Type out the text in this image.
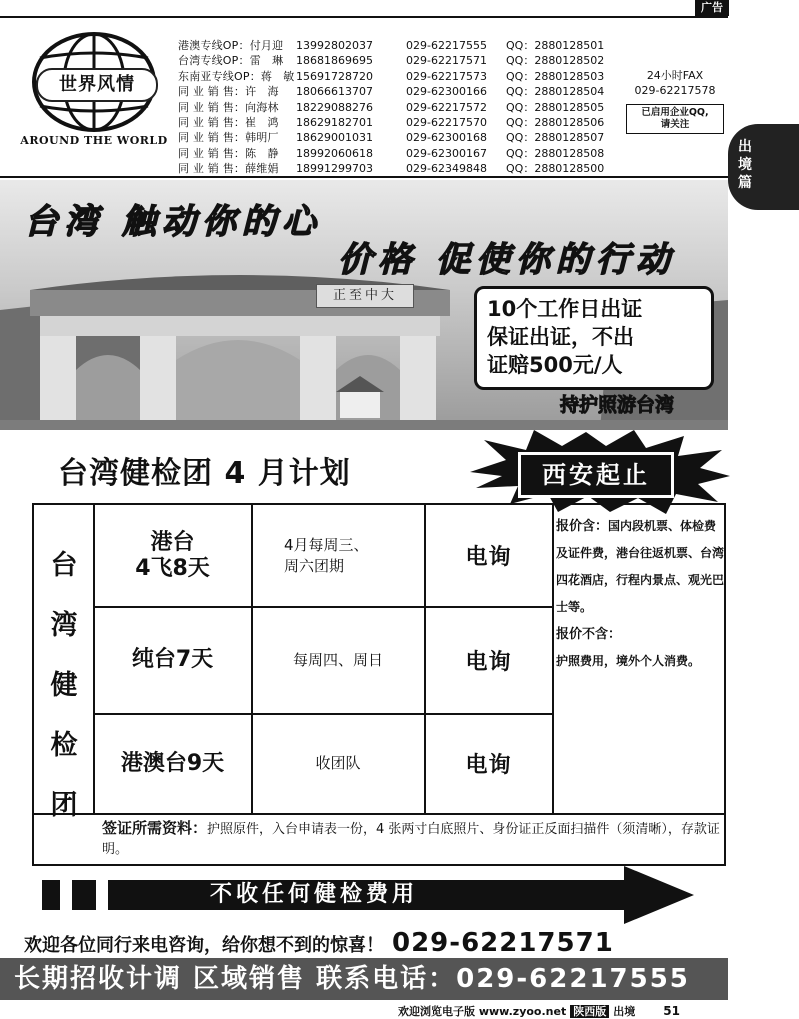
广告
世界风情
AROUND THE WORLD
港澳专线OP：付月迎	13992802037	029-62217555	QQ：2880128501
台湾专线OP：雷　琳	18681869695	029-62217571	QQ：2880128502
东南亚专线OP：蒋　敏 15691728720	029-62217573	QQ：2880128503
同 业 销 售：许　海	18066613707	029-62300166	QQ：2880128504
同 业 销 售：向海林	18229088276	029-62217572	QQ：2880128505
同 业 销 售：崔　鸿	18629182701	029-62217570	QQ：2880128506
同 业 销 售：韩明厂	18629001031	029-62300168	QQ：2880128507
同 业 销 售：陈　静	18992060618	029-62300167	QQ：2880128508
同 业 销 售：薛维娟	18991299703	029-62349848	QQ：2880128500
24小时FAX
029-62217578
已启用企业QQ,
请关注
出境篇
台湾 触动你的心
价格 促使你的行动
正至中大

10个工作日出证

保证出证，不出

证赔500元/人

持护照游台湾
台湾健检团 4 月计划	西安起止
台
湾
健
检
团
港台
4飞8天
4月每周三、
周六团期	电询
纯台7天	每周四、周日	电询
港澳台9天	收团队	电询
报价含：国内段机票、体检费及证件费，港台往返机票、台湾四花酒店，行程内景点、观光巴士等。
报价不含：
护照费用，境外个人消费。
签证所需资料：护照原件，入台申请表一份，4 张两寸白底照片、身份证正反面扫描件（须清晰），存款证明。
不收任何健检费用
欢迎各位同行来电咨询，给你想不到的惊喜！ 029-62217571
长期招收计调 区域销售 联系电话：029-62217555
欢迎浏览电子版 www.zyoo.net 陕西版 出境 51
